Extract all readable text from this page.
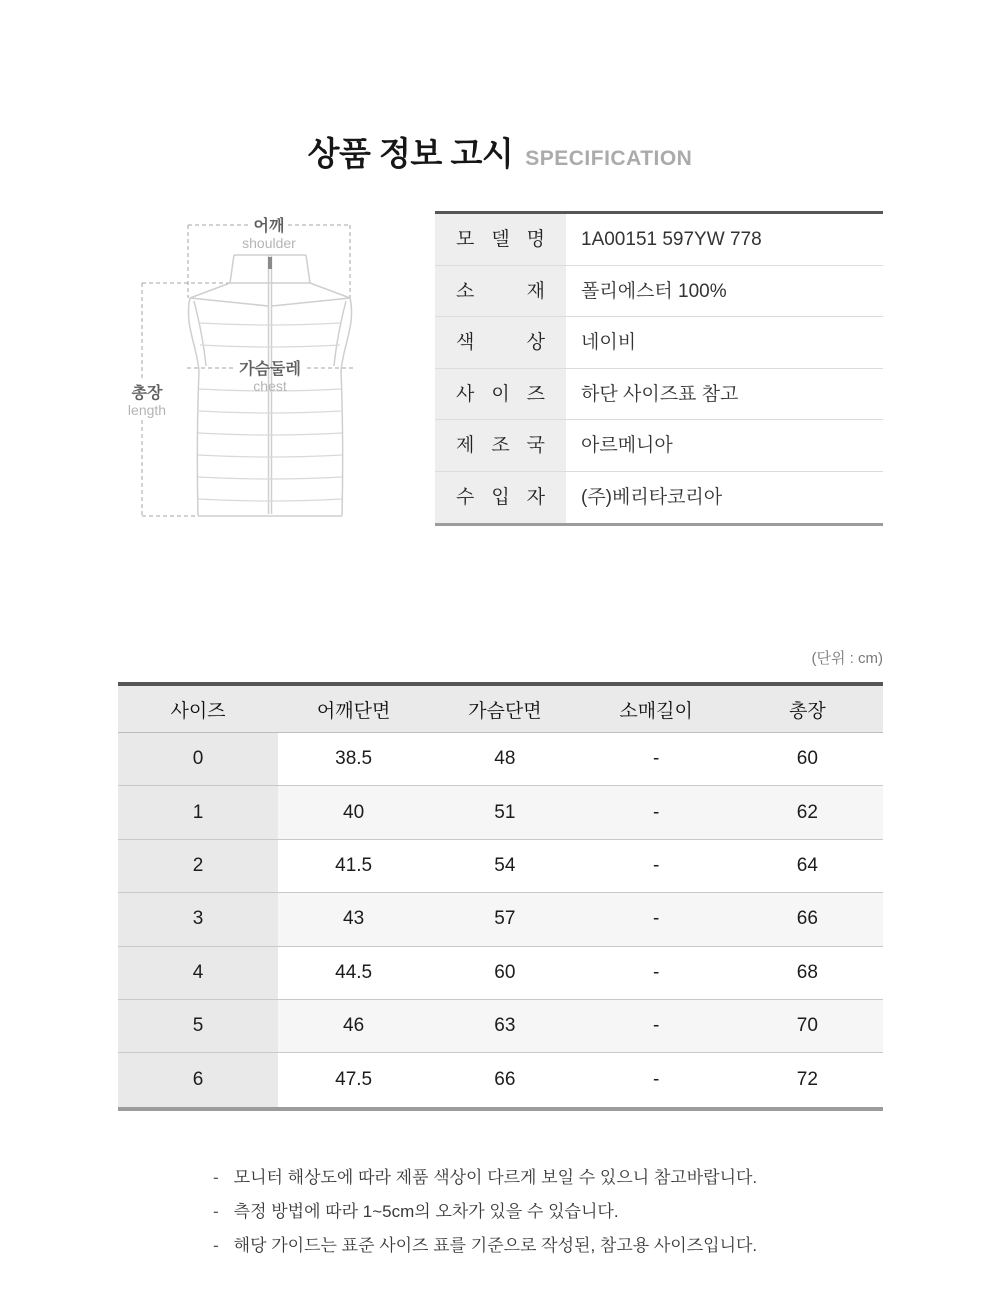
상품 정보 고시 SPECIFICATION
어깨
shoulder
가슴둘레
chest
총장
length
모 델 명	1A00151 597YW 778
소 재	폴리에스터 100%
색 상	네이비
사 이 즈	하단 사이즈표 참고
제 조 국	아르메니아
수 입 자	(주)베리타코리아
(단위 : cm)
사이즈	어깨단면	가슴단면	소매길이	총장
0	38.5	48	-	60
1	40	51	-	62
2	41.5	54	-	64
3	43	57	-	66
4	44.5	60	-	68
5	46	63	-	70
6	47.5	66	-	72
- 모니터 해상도에 따라 제품 색상이 다르게 보일 수 있으니 참고바랍니다.
- 측정 방법에 따라 1~5cm의 오차가 있을 수 있습니다.
- 해당 가이드는 표준 사이즈 표를 기준으로 작성된, 참고용 사이즈입니다.
